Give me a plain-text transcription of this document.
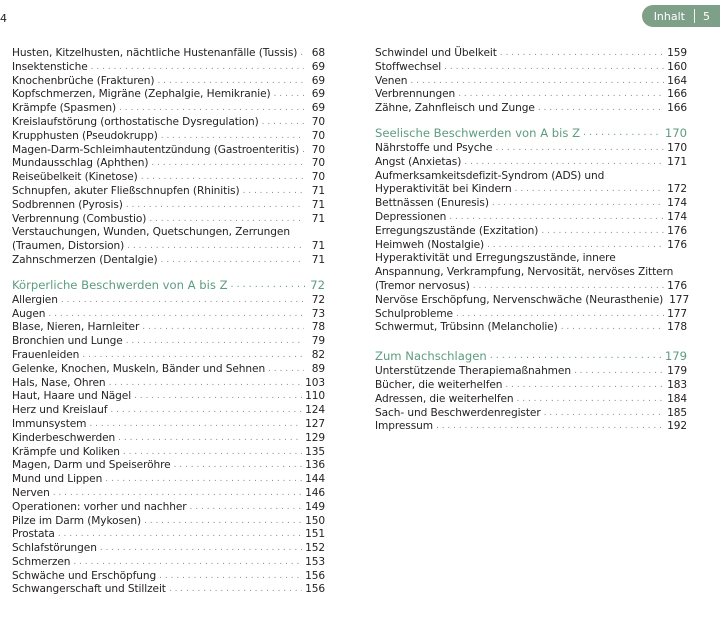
4	Inhalt 5
Husten, Kitzelhusten, nächtliche Hustenanfälle (Tussis) . . .	68
Insektenstiche . . .	69
Knochenbrüche (Frakturen) . . .	69
Kopfschmerzen, Migräne (Zephalgie, Hemikranie) . . .	69
Krämpfe (Spasmen) . . .	69
Kreislaufstörung (orthostatische Dysregulation) . . .	70
Krupphusten (Pseudokrupp) . . .	70
Magen-Darm-Schleimhautentzündung (Gastroenteritis) . . .	70
Mundausschlag (Aphthen) . . .	70
Reiseübelkeit (Kinetose) . . .	70
Schnupfen, akuter Fließschnupfen (Rhinitis) . . .	71
Sodbrennen (Pyrosis) . . .	71
Verbrennung (Combustio) . . .	71
Verstauchungen, Wunden, Quetschungen, Zerrungen
(Traumen, Distorsion) . . .	71
Zahnschmerzen (Dentalgie) . . .	71
Körperliche Beschwerden von A bis Z . . .	72
Allergien . . .	72
Augen . . .	73
Blase, Nieren, Harnleiter . . .	78
Bronchien und Lunge . . .	79
Frauenleiden . . .	82
Gelenke, Knochen, Muskeln, Bänder und Sehnen . . .	89
Hals, Nase, Ohren . . .	103
Haut, Haare und Nägel . . .	110
Herz und Kreislauf . . .	124
Immunsystem . . .	127
Kinderbeschwerden . . .	129
Krämpfe und Koliken . . .	135
Magen, Darm und Speiseröhre . . .	136
Mund und Lippen . . .	144
Nerven . . .	146
Operationen: vorher und nachher . . .	149
Pilze im Darm (Mykosen) . . .	150
Prostata . . .	151
Schlafstörungen . . .	152
Schmerzen . . .	153
Schwäche und Erschöpfung . . .	156
Schwangerschaft und Stillzeit . . .	156
Schwindel und Übelkeit . . .	159
Stoffwechsel . . .	160
Venen . . .	164
Verbrennungen . . .	166
Zähne, Zahnfleisch und Zunge . . .	166
Seelische Beschwerden von A bis Z . . .	170
Nährstoffe und Psyche . . .	170
Angst (Anxietas) . . .	171
Aufmerksamkeitsdefizit-Syndrom (ADS) und
Hyperaktivität bei Kindern . . .	172
Bettnässen (Enuresis) . . .	174
Depressionen . . .	174
Erregungszustände (Exzitation) . . .	176
Heimweh (Nostalgie) . . .	176
Hyperaktivität und Erregungszustände, innere
Anspannung, Verkrampfung, Nervosität, nervöses Zittern
(Tremor nervosus) . . .	176
Nervöse Erschöpfung, Nervenschwäche (Neurasthenie) 177
Schulprobleme . . .	177
Schwermut, Trübsinn (Melancholie) . . .	178
Zum Nachschlagen . . .	179
Unterstützende Therapiemaßnahmen . . .	179
Bücher, die weiterhelfen . . .	183
Adressen, die weiterhelfen . . .	184
Sach- und Beschwerdenregister . . .	185
Impressum . . .	192
